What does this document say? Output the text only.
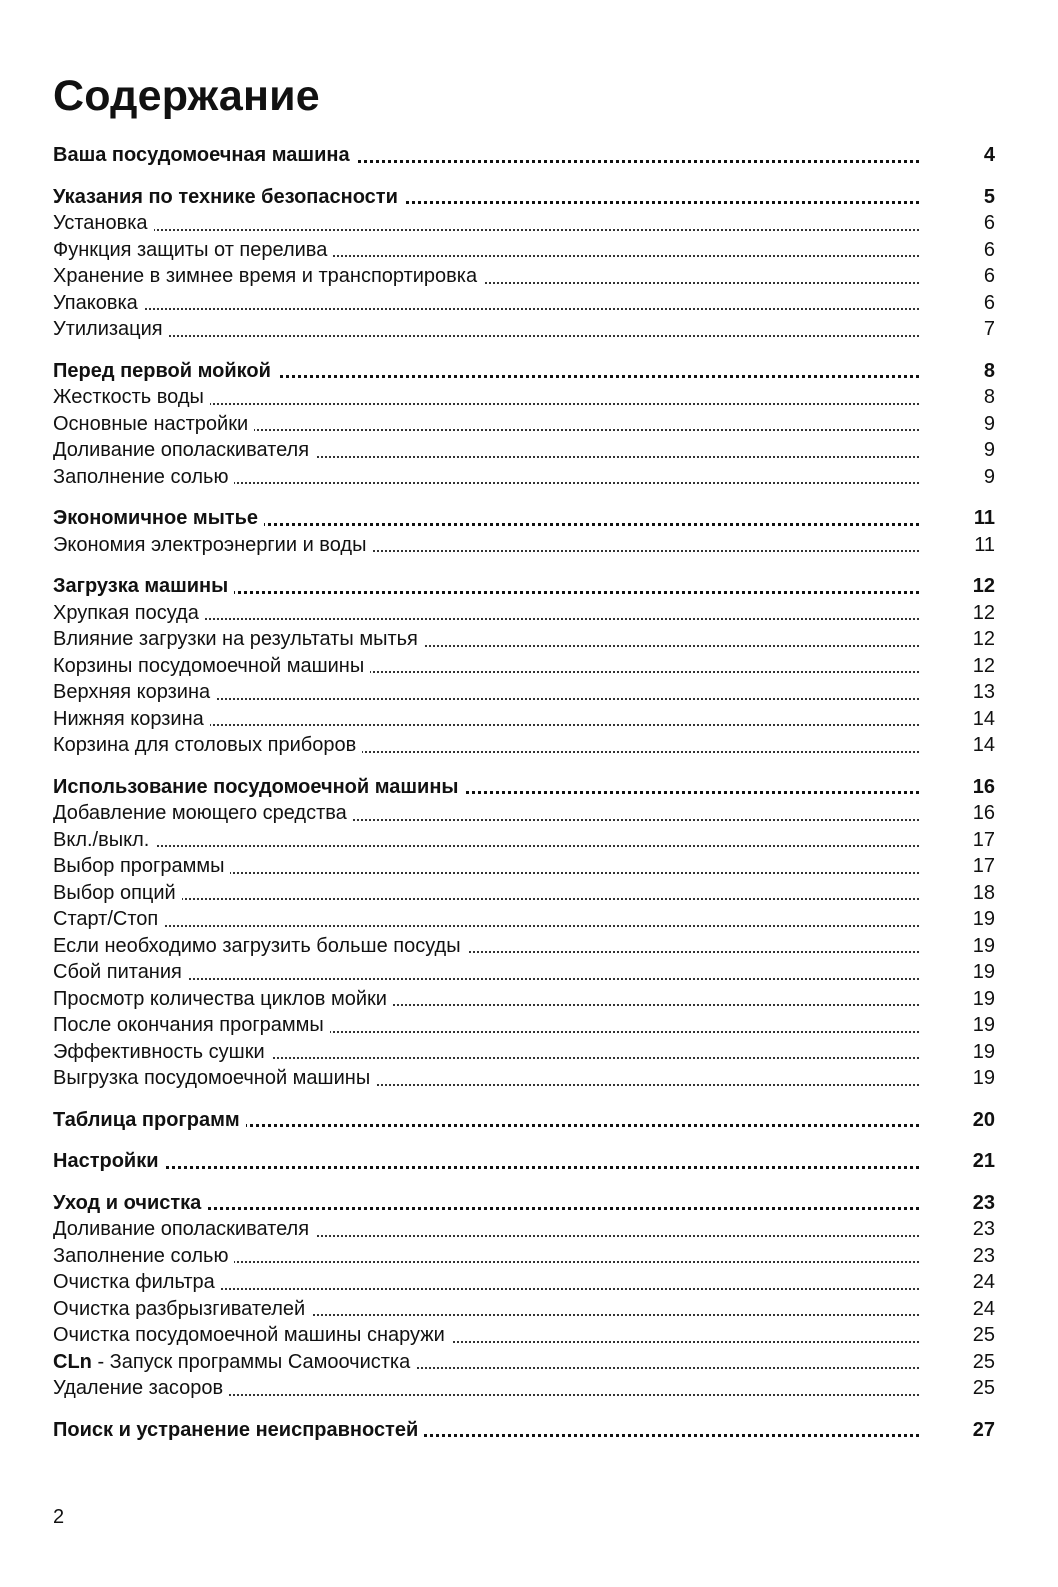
Содержание
Ваша посудомоечная машина	4
Указания по технике безопасности	5
Установка	6
Функция защиты от перелива	6
Хранение в зимнее время и транспортировка	6
Упаковка	6
Утилизация	7
Перед первой мойкой	8
Жесткость воды	8
Основные настройки	9
Доливание ополаскивателя	9
Заполнение солью	9
Экономичное мытье	11
Экономия электроэнергии и воды	11
Загрузка машины	12
Хрупкая посуда	12
Влияние загрузки на результаты мытья	12
Корзины посудомоечной машины	12
Верхняя корзина	13
Нижняя корзина	14
Корзина для столовых приборов	14
Использование посудомоечной машины	16
Добавление моющего средства	16
Вкл./выкл.	17
Выбор программы	17
Выбор опций	18
Старт/Стоп	19
Если необходимо загрузить больше посуды	19
Сбой питания	19
Просмотр количества циклов мойки	19
После окончания программы	19
Эффективность сушки	19
Выгрузка посудомоечной машины	19
Таблица программ	20
Настройки	21
Уход и очистка	23
Доливание ополаскивателя	23
Заполнение солью	23
Очистка фильтра	24
Очистка разбрызгивателей	24
Очистка посудомоечной машины снаружи	25
CLn - Запуск программы Самоочистка	25
Удаление засоров	25
Поиск и устранение неисправностей	27
2
